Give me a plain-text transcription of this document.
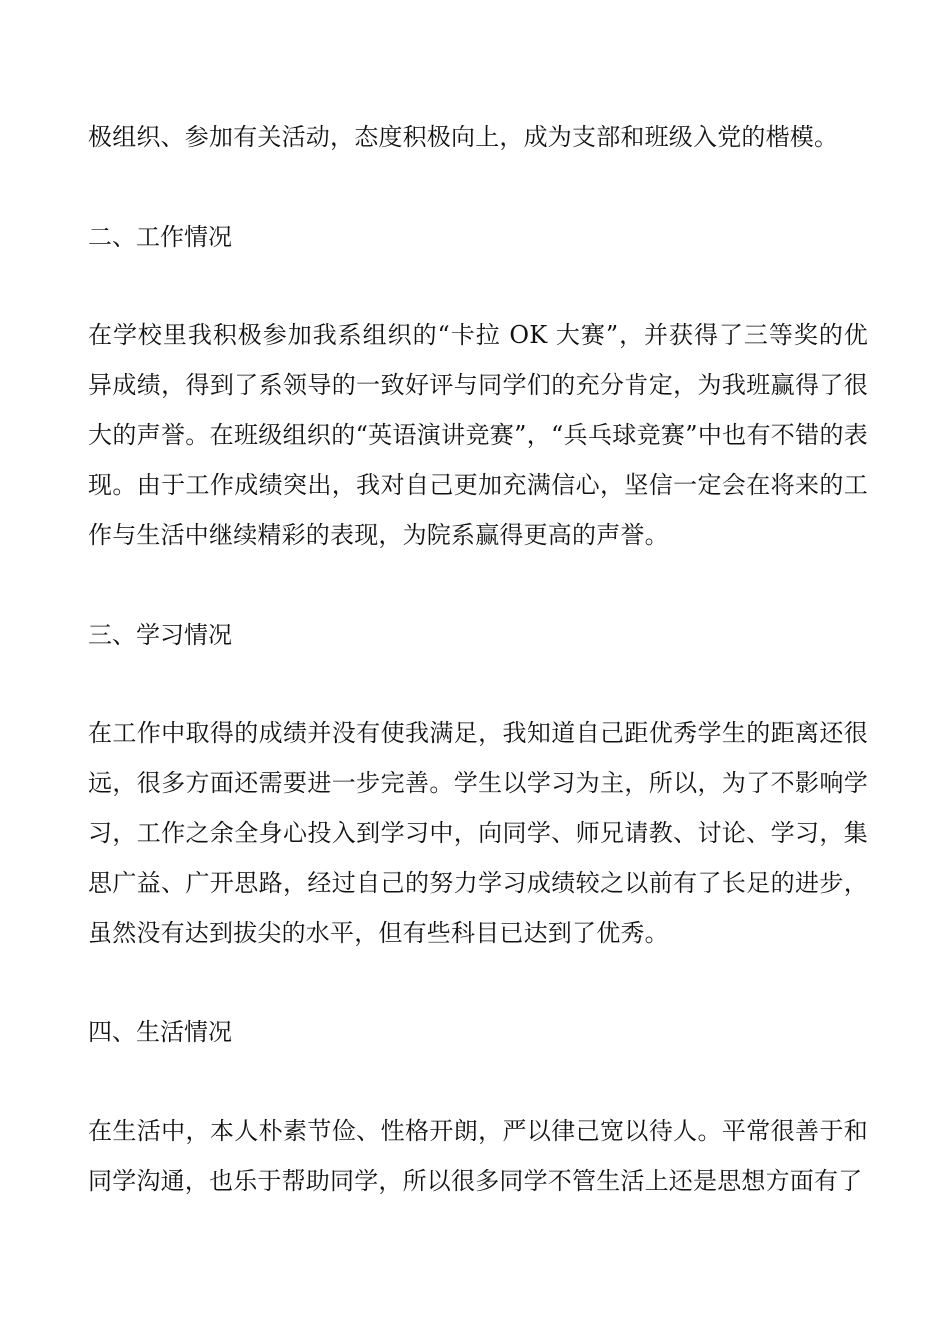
极组织、参加有关活动，态度积极向上，成为支部和班级入党的楷模。
二、工作情况
在学校里我积极参加我系组织的“卡拉 OK 大赛”，并获得了三等奖的优异成绩，得到了系领导的一致好评与同学们的充分肯定，为我班赢得了很大的声誉。在班级组织的“英语演讲竞赛”，“兵乓球竞赛”中也有不错的表现。由于工作成绩突出，我对自己更加充满信心，坚信一定会在将来的工作与生活中继续精彩的表现，为院系赢得更高的声誉。
三、学习情况
在工作中取得的成绩并没有使我满足，我知道自己距优秀学生的距离还很远，很多方面还需要进一步完善。学生以学习为主，所以，为了不影响学习，工作之余全身心投入到学习中，向同学、师兄请教、讨论、学习，集思广益、广开思路，经过自己的努力学习成绩较之以前有了长足的进步，虽然没有达到拔尖的水平，但有些科目已达到了优秀。
四、生活情况
在生活中，本人朴素节俭、性格开朗，严以律己宽以待人。平常很善于和同学沟通，也乐于帮助同学，所以很多同学不管生活上还是思想方面有了
